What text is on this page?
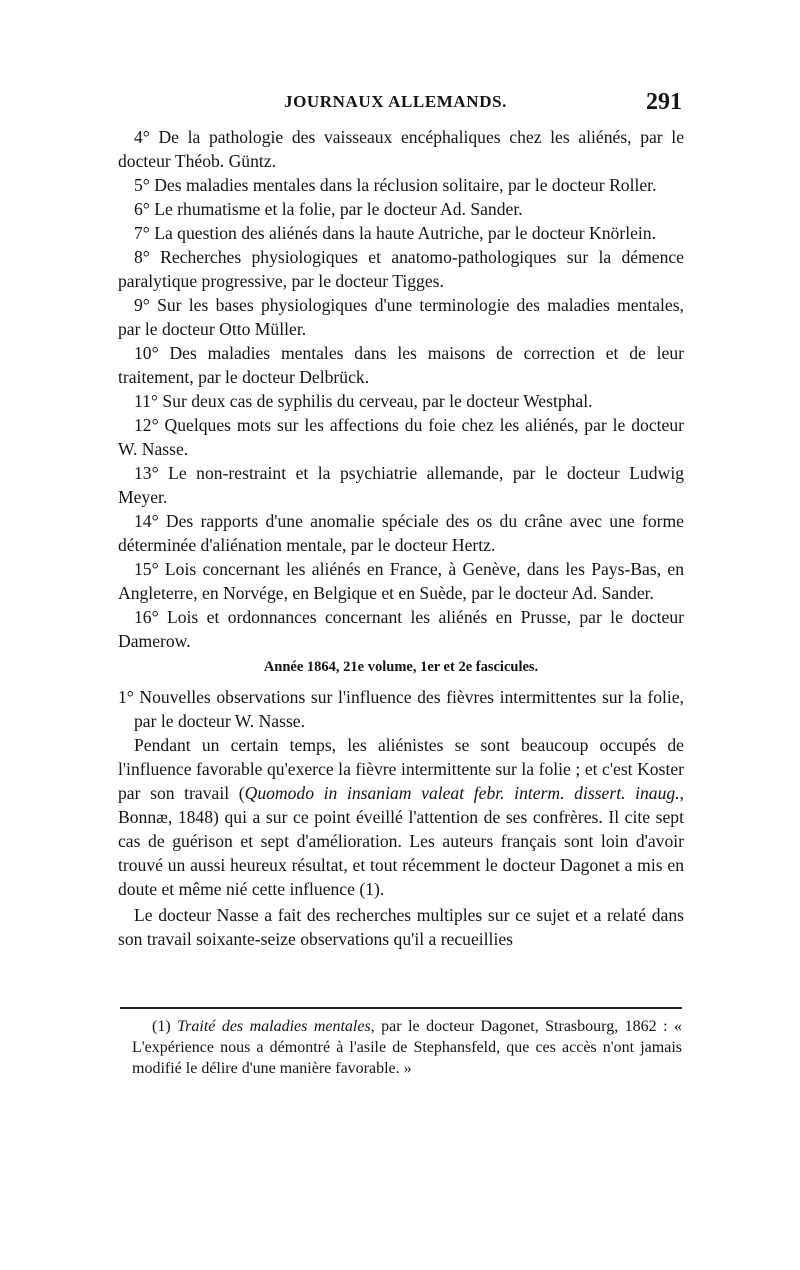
JOURNAUX ALLEMANDS.	291

4° De la pathologie des vaisseaux encéphaliques chez les aliénés, par le docteur Théob. Güntz.

5° Des maladies mentales dans la réclusion solitaire, par le docteur Roller.

6° Le rhumatisme et la folie, par le docteur Ad. Sander.

7° La question des aliénés dans la haute Autriche, par le docteur Knörlein.

8° Recherches physiologiques et anatomo-pathologiques sur la démence paralytique progressive, par le docteur Tigges.

9° Sur les bases physiologiques d'une terminologie des maladies mentales, par le docteur Otto Müller.

10° Des maladies mentales dans les maisons de correction et de leur traitement, par le docteur Delbrück.

11° Sur deux cas de syphilis du cerveau, par le docteur Westphal.

12° Quelques mots sur les affections du foie chez les aliénés, par le docteur W. Nasse.

13° Le non-restraint et la psychiatrie allemande, par le docteur Ludwig Meyer.

14° Des rapports d'une anomalie spéciale des os du crâne avec une forme déterminée d'aliénation mentale, par le docteur Hertz.

15° Lois concernant les aliénés en France, à Genève, dans les Pays-Bas, en Angleterre, en Norvége, en Belgique et en Suède, par le docteur Ad. Sander.

16° Lois et ordonnances concernant les aliénés en Prusse, par le docteur Damerow.

Année 1864, 21e volume, 1er et 2e fascicules.

1° Nouvelles observations sur l'influence des fièvres intermittentes sur la folie, par le docteur W. Nasse.

Pendant un certain temps, les aliénistes se sont beaucoup occupés de l'influence favorable qu'exerce la fièvre intermittente sur la folie ; et c'est Koster par son travail (Quomodo in insaniam valeat febr. interm. dissert. inaug., Bonnæ, 1848) qui a sur ce point éveillé l'attention de ses confrères. Il cite sept cas de guérison et sept d'amélioration. Les auteurs français sont loin d'avoir trouvé un aussi heureux résultat, et tout récemment le docteur Dagonet a mis en doute et même nié cette influence (1).

Le docteur Nasse a fait des recherches multiples sur ce sujet et a relaté dans son travail soixante-seize observations qu'il a recueillies

(1) Traité des maladies mentales, par le docteur Dagonet, Strasbourg, 1862 : « L'expérience nous a démontré à l'asile de Stephansfeld, que ces accès n'ont jamais modifié le délire d'une manière favorable. »
